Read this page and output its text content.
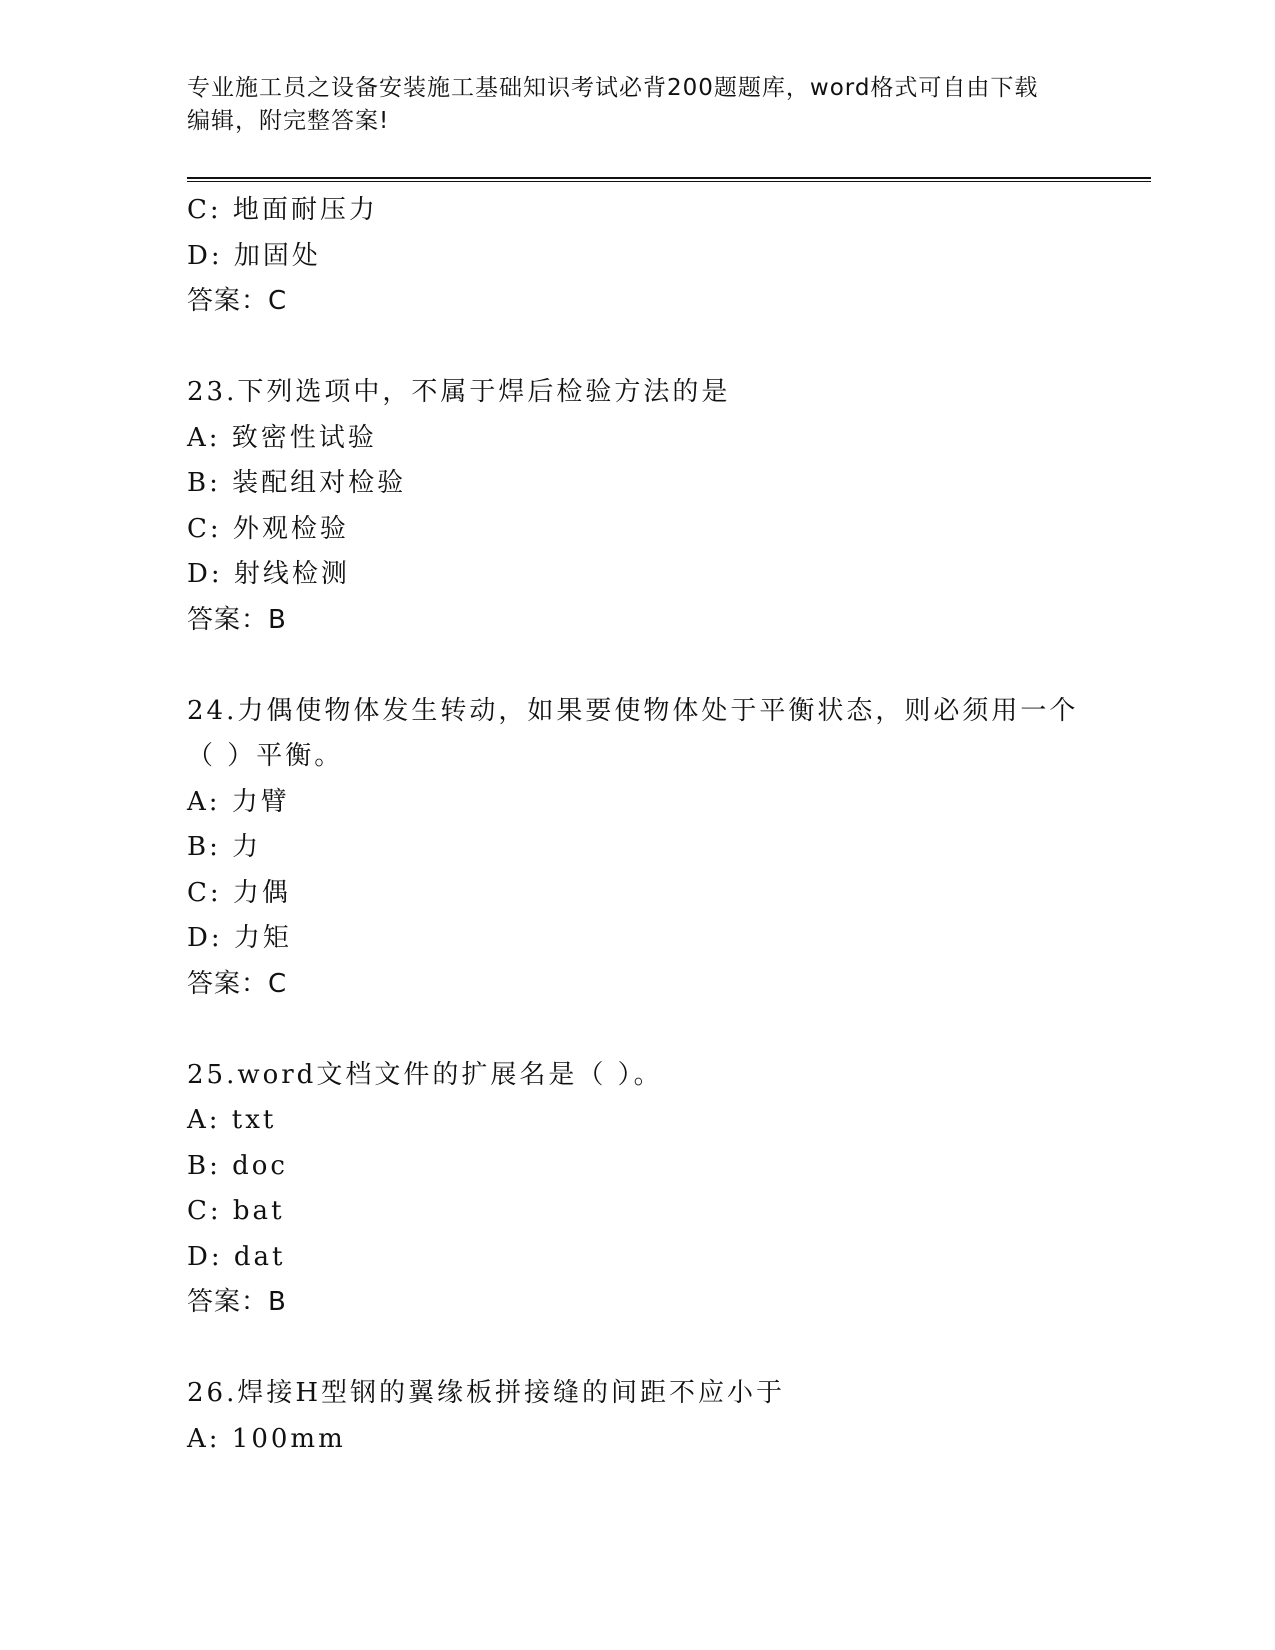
专业施工员之设备安装施工基础知识考试必背200题题库，word格式可自由下载
编辑，附完整答案!
C: 地面耐压力
D: 加固处
答案：C
23.下列选项中，不属于焊后检验方法的是
A: 致密性试验
B: 装配组对检验
C: 外观检验
D: 射线检测
答案：B
24.力偶使物体发生转动，如果要使物体处于平衡状态，则必须用一个
（ ）平衡。
A: 力臂
B: 力
C: 力偶
D: 力矩
答案：C
25.word文档文件的扩展名是（ ）。
A: txt
B: doc
C: bat
D: dat
答案：B
26.焊接H型钢的翼缘板拼接缝的间距不应小于
A: 100mm
